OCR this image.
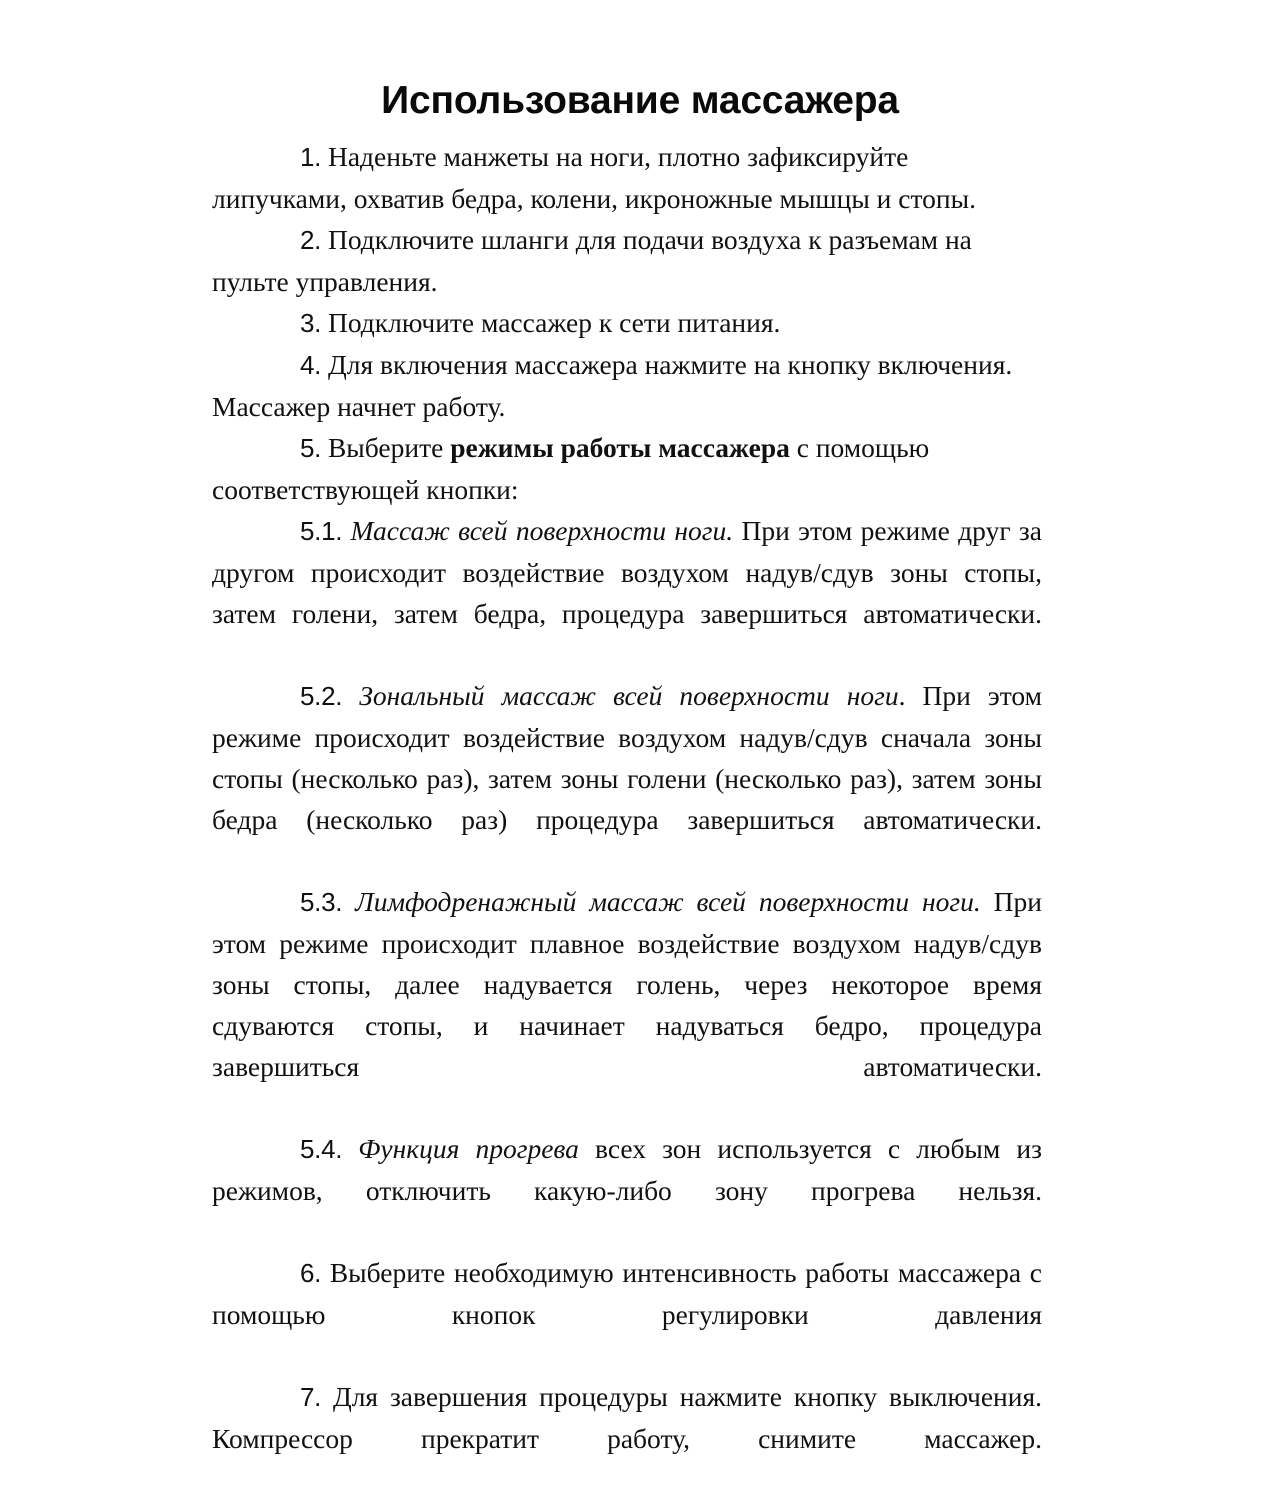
Использование массажера

1. Наденьте манжеты на ноги, плотно зафиксируйте липучками, охватив бедра, колени, икроножные мышцы и стопы.

2. Подключите шланги для подачи воздуха к разъемам на пульте управления.

3. Подключите массажер к сети питания.

4. Для включения массажера нажмите на кнопку включения. Массажер начнет работу.

5. Выберите режимы работы массажера с помощью соответствующей кнопки:

5.1. Массаж всей поверхности ноги. При этом режиме друг за другом происходит воздействие воздухом надув/сдув зоны стопы, затем голени, затем бедра, процедура завершиться автоматически.

5.2. Зональный массаж всей поверхности ноги. При этом режиме происходит воздействие воздухом надув/сдув сначала зоны стопы (несколько раз), затем зоны голени (несколько раз), затем зоны бедра (несколько раз) процедура завершиться автоматически.

5.3. Лимфодренажный массаж всей поверхности ноги. При этом режиме происходит плавное воздействие воздухом надув/сдув зоны стопы, далее надувается голень, через некоторое время сдуваются стопы, и начинает надуваться бедро, процедура завершиться автоматически.

5.4. Функция прогрева всех зон используется с любым из режимов, отключить какую-либо зону прогрева нельзя.

6. Выберите необходимую интенсивность работы массажера с помощью кнопок регулировки давления

7. Для завершения процедуры нажмите кнопку выключения. Компрессор прекратит работу, снимите массажер.
